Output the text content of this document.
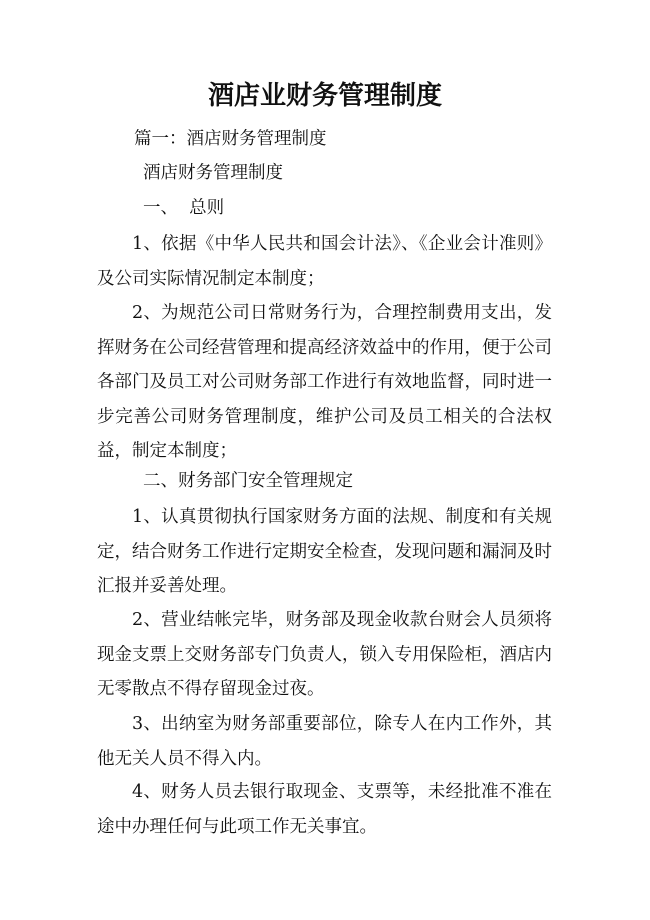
酒店业财务管理制度

篇一：酒店财务管理制度

酒店财务管理制度

一、  总则

1、依据《中华人民共和国会计法》、《企业会计准则》及公司实际情况制定本制度；

2、为规范公司日常财务行为，合理控制费用支出，发挥财务在公司经营管理和提高经济效益中的作用，便于公司各部门及员工对公司财务部工作进行有效地监督，同时进一步完善公司财务管理制度，维护公司及员工相关的合法权益，制定本制度；

二、财务部门安全管理规定

1、认真贯彻执行国家财务方面的法规、制度和有关规定，结合财务工作进行定期安全检查，发现问题和漏洞及时汇报并妥善处理。

2、营业结帐完毕，财务部及现金收款台财会人员须将现金支票上交财务部专门负责人，锁入专用保险柜，酒店内无零散点不得存留现金过夜。

3、出纳室为财务部重要部位，除专人在内工作外，其他无关人员不得入内。

4、财务人员去银行取现金、支票等，未经批准不准在途中办理任何与此项工作无关事宜。
